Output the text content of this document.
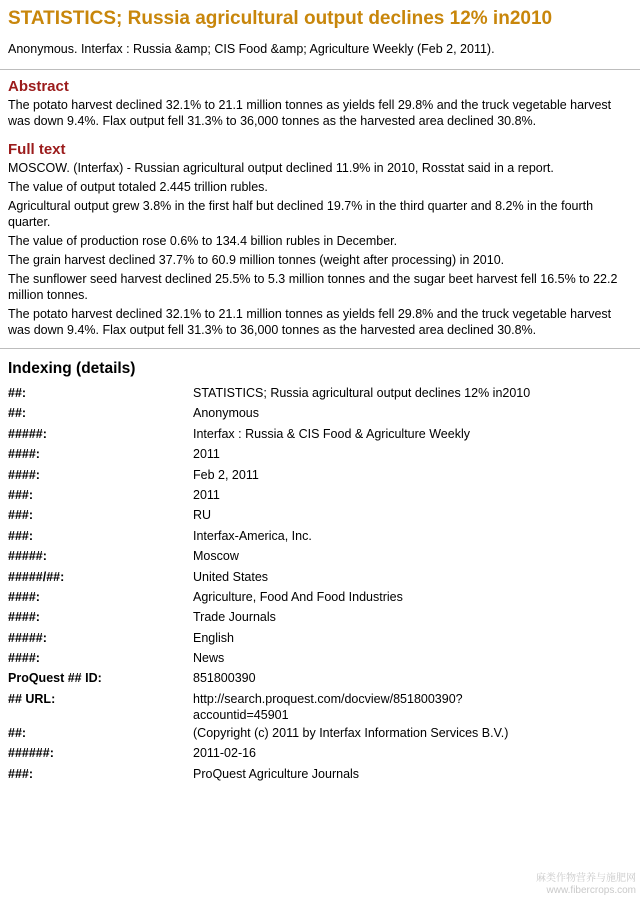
STATISTICS; Russia agricultural output declines 12% in2010
Anonymous. Interfax : Russia &amp; CIS Food &amp; Agriculture Weekly (Feb 2, 2011).
Abstract
The potato harvest declined 32.1% to 21.1 million tonnes as yields fell 29.8% and the truck vegetable harvest was down 9.4%. Flax output fell 31.3% to 36,000 tonnes as the harvested area declined 30.8%.
Full text
MOSCOW. (Interfax) - Russian agricultural output declined 11.9% in 2010, Rosstat said in a report.
The value of output totaled 2.445 trillion rubles.
Agricultural output grew 3.8% in the first half but declined 19.7% in the third quarter and 8.2% in the fourth quarter.
The value of production rose 0.6% to 134.4 billion rubles in December.
The grain harvest declined 37.7% to 60.9 million tonnes (weight after processing) in 2010.
The sunflower seed harvest declined 25.5% to 5.3 million tonnes and the sugar beet harvest fell 16.5% to 22.2 million tonnes.
The potato harvest declined 32.1% to 21.1 million tonnes as yields fell 29.8% and the truck vegetable harvest was down 9.4%. Flax output fell 31.3% to 36,000 tonnes as the harvested area declined 30.8%.
Indexing (details)
##:	STATISTICS; Russia agricultural output declines 12% in2010
##:	Anonymous
#####:	Interfax : Russia & CIS Food & Agriculture Weekly
####:	2011
####:	Feb 2, 2011
###:	2011
###:	RU
###:	Interfax-America, Inc.
#####:	Moscow
#####/##:	United States
####:	Agriculture, Food And Food Industries
####:	Trade Journals
#####:	English
####:	News
ProQuest ## ID:	851800390
## URL:	http://search.proquest.com/docview/851800390?
accountid=45901
##:	(Copyright (c) 2011 by Interfax Information Services B.V.)
######:	2011-02-16
###:	ProQuest Agriculture Journals
麻类作物营养与施肥网
www.fibercrops.com
